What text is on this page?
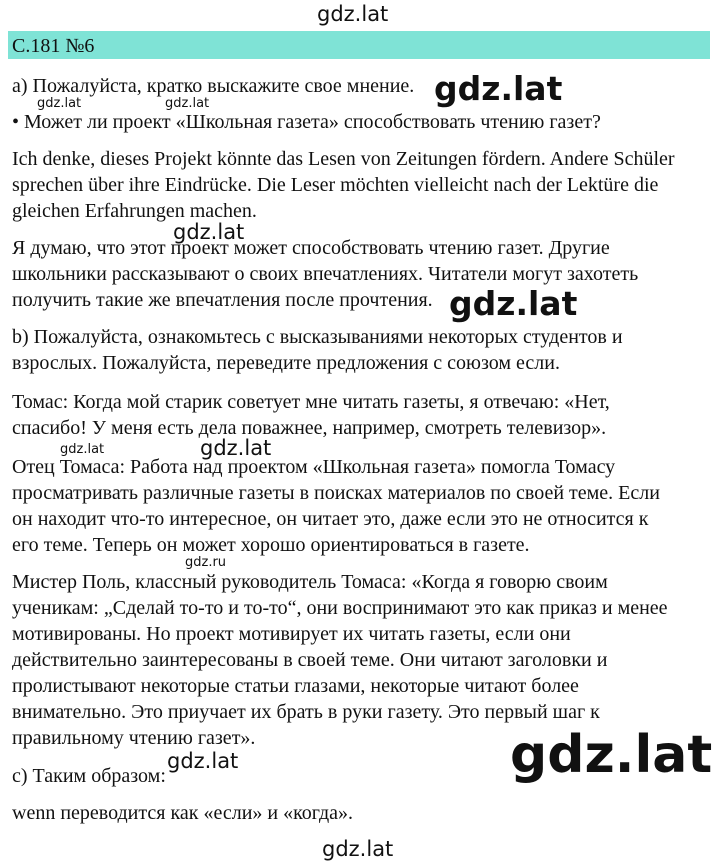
gdz.lat
С.181 №6

а) Пожалуйста, кратко выскажите свое мнение. gdz.lat
gdz.lat	gdz.lat

• Может ли проект «Школьная газета» способствовать чтению газет?

Ich denke, dieses Projekt könnte das Lesen von Zeitungen fördern. Andere Schüler
sprechen über ihre Eindrücke. Die Leser möchten vielleicht nach der Lektüre die
gleichen Erfahrungen machen.

gdz.lat

Я думаю, что этот проект может способствовать чтению газет. Другие
школьники рассказывают о своих впечатлениях. Читатели могут захотеть
получить такие же впечатления после прочтения. gdz.lat

b) Пожалуйста, ознакомьтесь с высказываниями некоторых студентов и
взрослых. Пожалуйста, переведите предложения с союзом если.

Томас: Когда мой старик советует мне читать газеты, я отвечаю: «Нет,
спасибо! У меня есть дела поважнее, например, смотреть телевизор».

gdz.lat	gdz.lat

Отец Томаса: Работа над проектом «Школьная газета» помогла Томасу
просматривать различные газеты в поисках материалов по своей теме. Если
он находит что-то интересное, он читает это, даже если это не относится к
его теме. Теперь он может хорошо ориентироваться в газете.

gdz.ru

Мистер Поль, классный руководитель Томаса: «Когда я говорю своим
ученикам: „Сделай то-то и то-то“, они воспринимают это как приказ и менее
мотивированы. Но проект мотивирует их читать газеты, если они
действительно заинтересованы в своей теме. Они читают заголовки и
пролистывают некоторые статьи глазами, некоторые читают более
внимательно. Это приучает их брать в руки газету. Это первый шаг к
правильному чтению газет».	gdz.lat
gdz.lat

c) Таким образом:

wenn переводится как «если» и «когда».

gdz.lat
